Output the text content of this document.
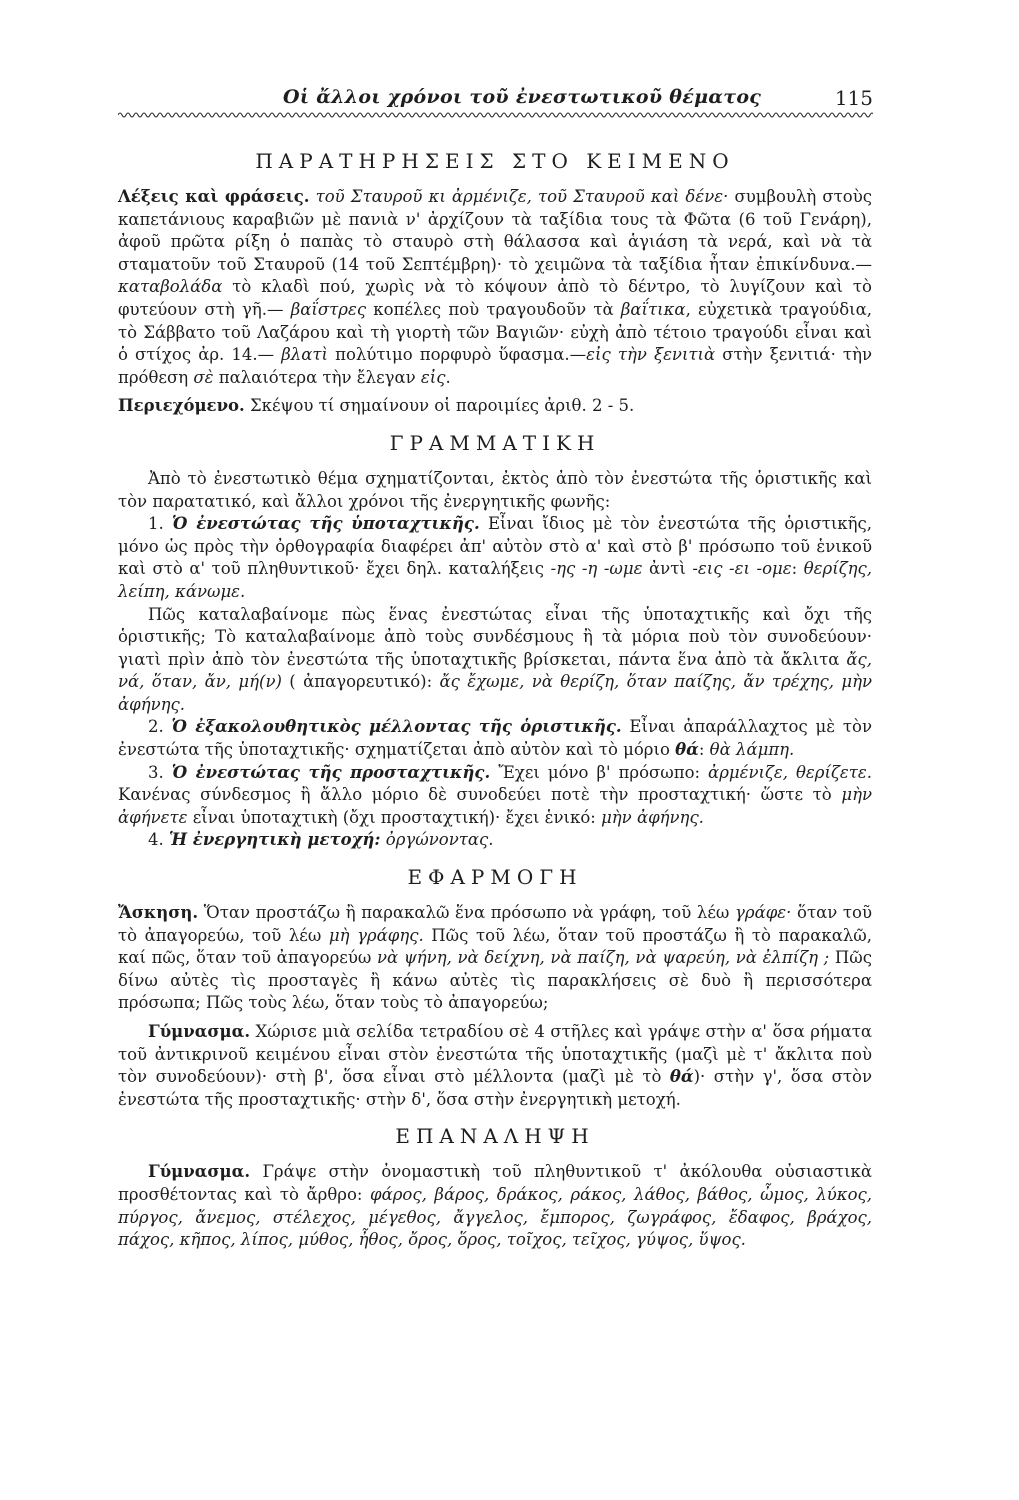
Οἱ ἄλλοι χρόνοι τοῦ ἐνεστωτικοῦ θέματος	115
ΠΑΡΑΤΗΡΗΣΕΙΣ ΣΤΟ ΚΕΙΜΕΝΟ

Λέξεις καὶ φράσεις. τοῦ Σταυροῦ κι ἀρμένιζε, τοῦ Σταυροῦ καὶ δένε· συμβουλὴ στοὺς καπετάνιους καραβιῶν μὲ πανιὰ ν' ἀρχίζουν τὰ ταξίδια τους τὰ Φῶτα (6 τοῦ Γενάρη), ἀφοῦ πρῶτα ρίξη ὁ παπὰς τὸ σταυρὸ στὴ θάλασσα καὶ ἁγιάση τὰ νερά, καὶ νὰ τὰ σταματοῦν τοῦ Σταυροῦ (14 τοῦ Σεπτέμβρη)· τὸ χειμῶνα τὰ ταξίδια ἦταν ἐπικίνδυνα.—καταβολάδα τὸ κλαδὶ πού, χωρὶς νὰ τὸ κόψουν ἀπὸ τὸ δέντρο, τὸ λυγίζουν καὶ τὸ φυτεύουν στὴ γῆ.— βαΐστρες κοπέλες ποὺ τραγουδοῦν τὰ βαΐτικα, εὐχετικὰ τραγούδια, τὸ Σάββατο τοῦ Λαζάρου καὶ τὴ γιορτὴ τῶν Βαγιῶν· εὐχὴ ἀπὸ τέτοιο τραγούδι εἶναι καὶ ὁ στίχος ἀρ. 14.— βλατὶ πολύτιμο πορφυρὸ ὕφασμα.—εἰς τὴν ξενιτιὰ στὴν ξενιτιά· τὴν πρόθεση σὲ παλαιότερα τὴν ἔλεγαν εἰς.

Περιεχόμενο. Σκέψου τί σημαίνουν οἱ παροιμίες ἀριθ. 2 - 5.

ΓΡΑΜΜΑΤΙΚΗ

Ἀπὸ τὸ ἐνεστωτικὸ θέμα σχηματίζονται, ἐκτὸς ἀπὸ τὸν ἐνεστώτα τῆς ὁριστικῆς καὶ τὸν παρατατικό, καὶ ἄλλοι χρόνοι τῆς ἐνεργητικῆς φωνῆς:

1. Ὁ ἐνεστώτας τῆς ὑποταχτικῆς. Εἶναι ἴδιος μὲ τὸν ἐνεστώτα τῆς ὁριστικῆς, μόνο ὡς πρὸς τὴν ὀρθογραφία διαφέρει ἀπ' αὐτὸν στὸ α' καὶ στὸ β' πρόσωπο τοῦ ἑνικοῦ καὶ στὸ α' τοῦ πληθυντικοῦ· ἔχει δηλ. καταλήξεις -ης -η -ωμε ἀντὶ -εις -ει -ομε: θερίζης, λείπη, κάνωμε.

Πῶς καταλαβαίνομε πὼς ἕνας ἐνεστώτας εἶναι τῆς ὑποταχτικῆς καὶ ὄχι τῆς ὁριστικῆς; Τὸ καταλαβαίνομε ἀπὸ τοὺς συνδέσμους ἢ τὰ μόρια ποὺ τὸν συνοδεύουν· γιατὶ πρὶν ἀπὸ τὸν ἐνεστώτα τῆς ὑποταχτικῆς βρίσκεται, πάντα ἕνα ἀπὸ τὰ ἄκλιτα ἄς, νά, ὅταν, ἄν, μή(ν) ( ἀπαγορευτικό): ἄς ἔχωμε, νὰ θερίζη, ὅταν παίζης, ἄν τρέχης, μὴν ἀφήνης.

2. Ὁ ἐξακολουθητικὸς μέλλοντας τῆς ὁριστικῆς. Εἶναι ἀπαράλλαχτος μὲ τὸν ἐνεστώτα τῆς ὑποταχτικῆς· σχηματίζεται ἀπὸ αὐτὸν καὶ τὸ μόριο θά: θὰ λάμπη.

3. Ὁ ἐνεστώτας τῆς προσταχτικῆς. Ἔχει μόνο β' πρόσωπο: ἀρμένιζε, θερίζετε. Κανένας σύνδεσμος ἢ ἄλλο μόριο δὲ συνοδεύει ποτὲ τὴν προσταχτική· ὥστε τὸ μὴν ἀφήνετε εἶναι ὑποταχτικὴ (ὄχι προσταχτική)· ἔχει ἑνικό: μὴν ἀφήνης.

4. Ἡ ἐνεργητικὴ μετοχή: ὀργώνοντας.

ΕΦΑΡΜΟΓΗ

Ἄσκηση. Ὅταν προστάζω ἢ παρακαλῶ ἕνα πρόσωπο νὰ γράφη, τοῦ λέω γράφε· ὅταν τοῦ τὸ ἀπαγορεύω, τοῦ λέω μὴ γράφης. Πῶς τοῦ λέω, ὅταν τοῦ προστάζω ἢ τὸ παρακαλῶ, καί πῶς, ὅταν τοῦ ἀπαγορεύω νὰ ψήνη, νὰ δείχνη, νὰ παίζη, νὰ ψαρεύη, νὰ ἐλπίζη ; Πῶς δίνω αὐτὲς τὶς προσταγὲς ἢ κάνω αὐτὲς τὶς παρακλήσεις σὲ δυὸ ἢ περισσότερα πρόσωπα; Πῶς τοὺς λέω, ὅταν τοὺς τὸ ἀπαγορεύω;

Γύμνασμα. Χώρισε μιὰ σελίδα τετραδίου σὲ 4 στῆλες καὶ γράψε στὴν α' ὅσα ρήματα τοῦ ἀντικρινοῦ κειμένου εἶναι στὸν ἐνεστώτα τῆς ὑποταχτικῆς (μαζὶ μὲ τ' ἄκλιτα ποὺ τὸν συνοδεύουν)· στὴ β', ὅσα εἶναι στὸ μέλλοντα (μαζὶ μὲ τὸ θά)· στὴν γ', ὅσα στὸν ἐνεστώτα τῆς προσταχτικῆς· στὴν δ', ὅσα στὴν ἐνεργητικὴ μετοχή.

ΕΠΑΝΑΛΗΨΗ

Γύμνασμα. Γράψε στὴν ὀνομαστικὴ τοῦ πληθυντικοῦ τ' ἀκόλουθα οὐσιαστικὰ προσθέτοντας καὶ τὸ ἄρθρο: φάρος, βάρος, δράκος, ράκος, λάθος, βάθος, ὦμος, λύκος, πύργος, ἄνεμος, στέλεχος, μέγεθος, ἄγγελος, ἔμπορος, ζωγράφος, ἔδαφος, βράχος, πάχος, κῆπος, λίπος, μύθος, ἦθος, ὄρος, ὅρος, τοῖχος, τεῖχος, γύψος, ὕψος.
